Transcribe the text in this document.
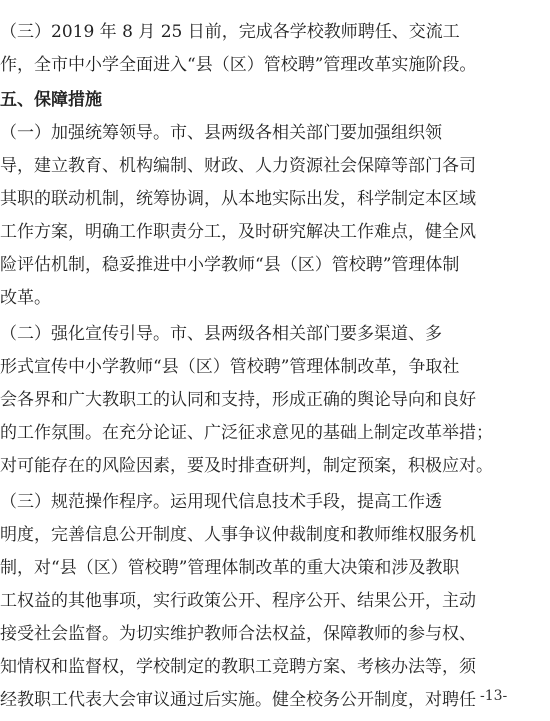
（三）2019 年 8 月 25 日前，完成各学校教师聘任、交流工
作，全市中小学全面进入“县（区）管校聘”管理改革实施阶段。
五、保障措施
（一）加强统筹领导。市、县两级各相关部门要加强组织领
导，建立教育、机构编制、财政、人力资源社会保障等部门各司
其职的联动机制，统筹协调，从本地实际出发，科学制定本区域
工作方案，明确工作职责分工，及时研究解决工作难点，健全风
险评估机制，稳妥推进中小学教师“县（区）管校聘”管理体制
改革。
（二）强化宣传引导。市、县两级各相关部门要多渠道、多
形式宣传中小学教师“县（区）管校聘”管理体制改革，争取社
会各界和广大教职工的认同和支持，形成正确的舆论导向和良好
的工作氛围。在充分论证、广泛征求意见的基础上制定改革举措；
对可能存在的风险因素，要及时排查研判，制定预案，积极应对。
（三）规范操作程序。运用现代信息技术手段，提高工作透
明度，完善信息公开制度、人事争议仲裁制度和教师维权服务机
制，对“县（区）管校聘”管理体制改革的重大决策和涉及教职
工权益的其他事项，实行政策公开、程序公开、结果公开，主动
接受社会监督。为切实维护教师合法权益，保障教师的参与权、
知情权和监督权，学校制定的教职工竞聘方案、考核办法等，须
经教职工代表大会审议通过后实施。健全校务公开制度，对聘任 -13-
